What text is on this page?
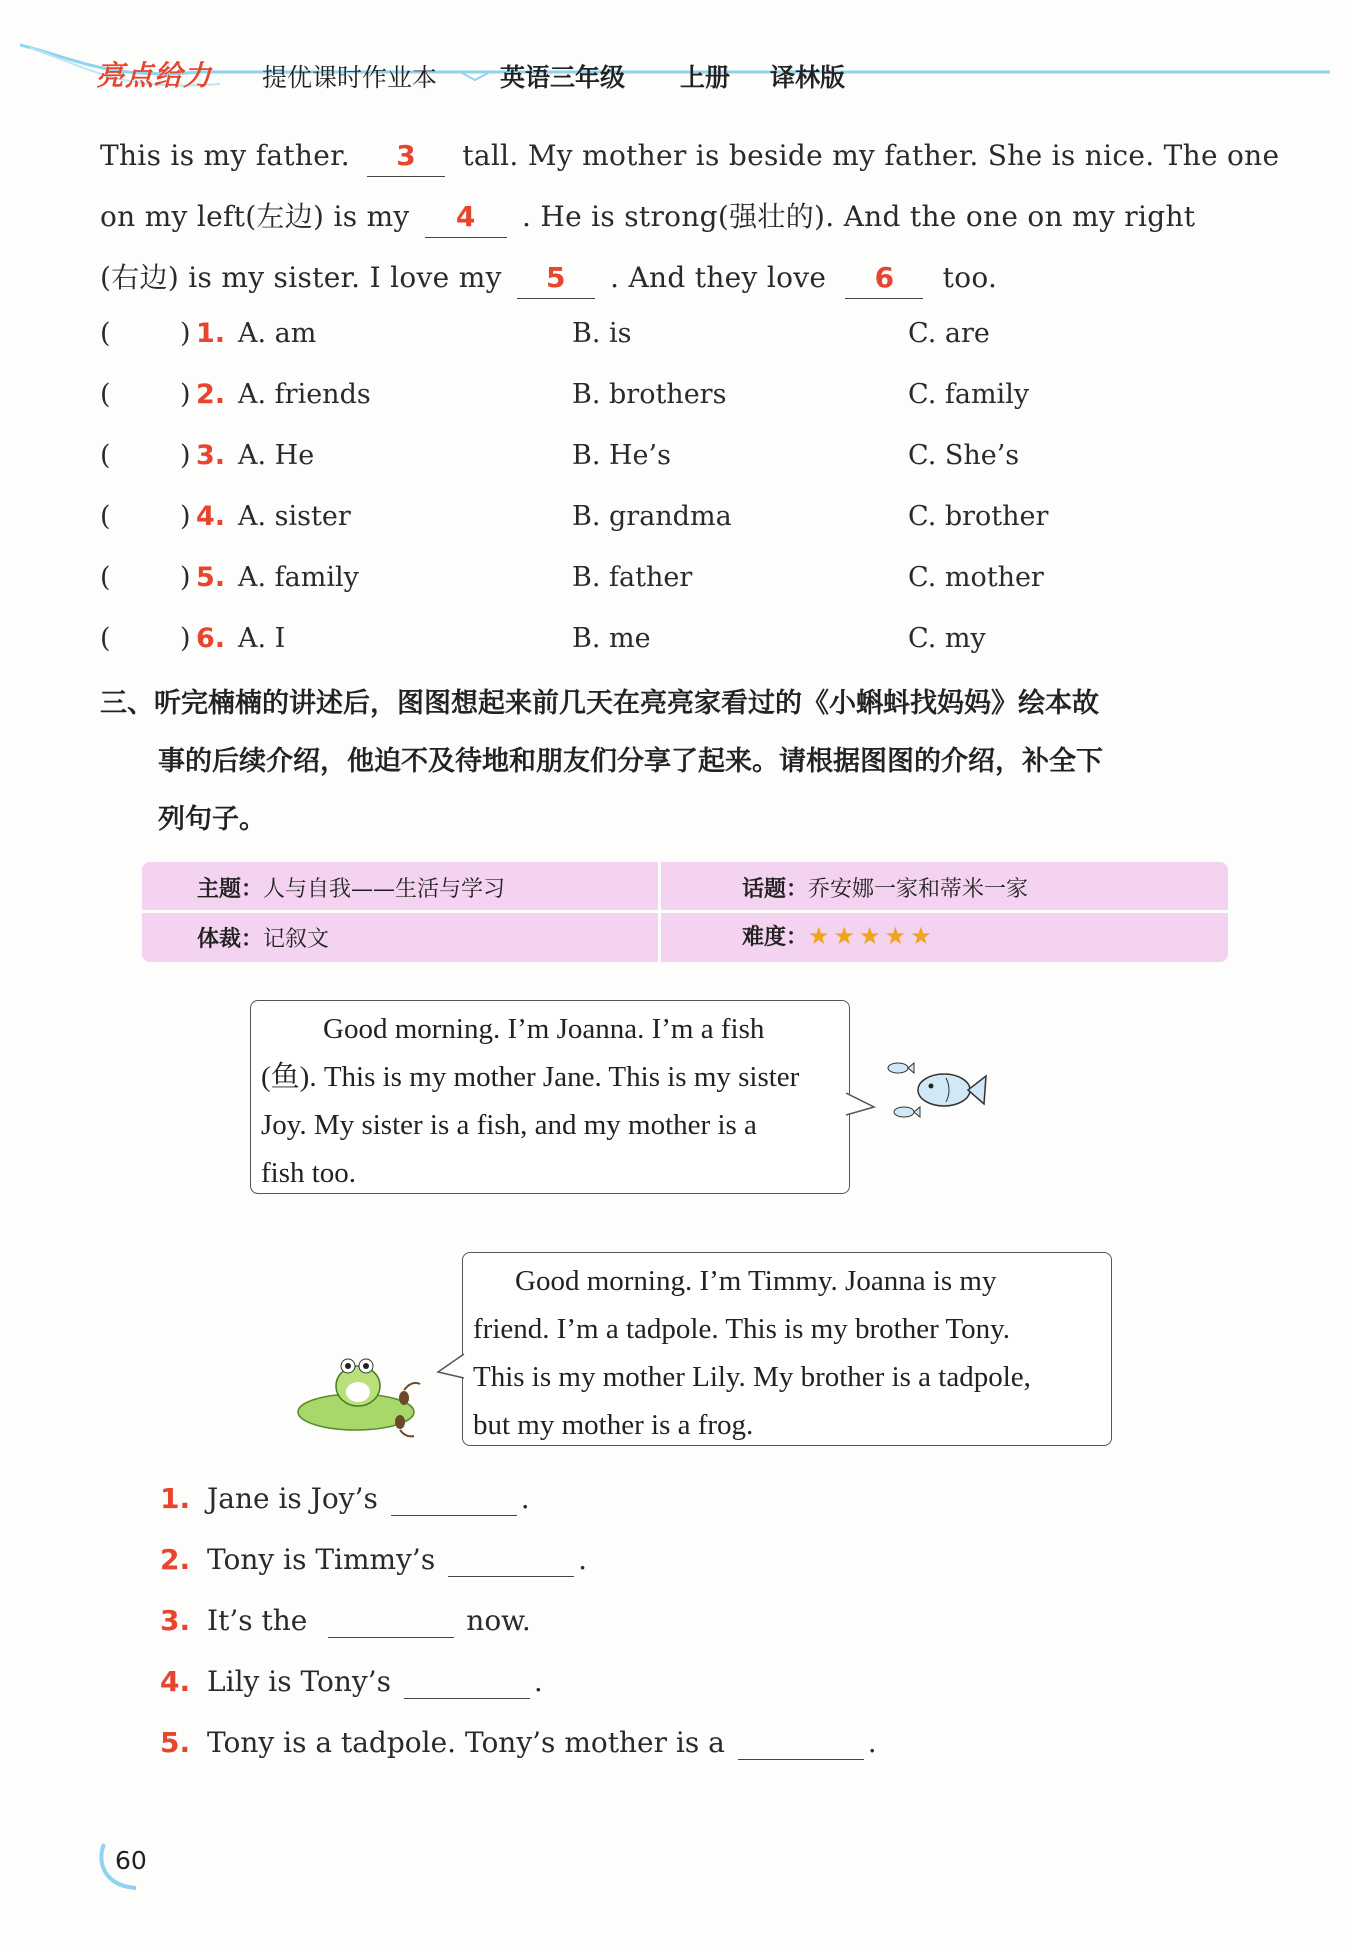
亮点给力 提优课时作业本	英语三年级 上册 译林版
This is my father. 3 tall. My mother is beside my father. She is nice. The one
on my left(左边) is my 4 . He is strong(强壮的). And the one on my right
(右边) is my sister. I love my 5 . And they love 6 too.
(	) 1. A. am	B. is	C. are
(	) 2. A. friends	B. brothers	C. family
(	) 3. A. He	B. He’s	C. She’s
(	) 4. A. sister	B. grandma	C. brother
(	) 5. A. family	B. father	C. mother
(	) 6. A. I	B. me	C. my
三、听完楠楠的讲述后，图图想起来前几天在亮亮家看过的《小蝌蚪找妈妈》绘本故
事的后续介绍，他迫不及待地和朋友们分享了起来。请根据图图的介绍，补全下
列句子。
主题：人与自我——生活与学习	话题：乔安娜一家和蒂米一家
体裁：记叙文	难度：★ ★ ★ ★ ★
Good morning. I’m Joanna. I’m a fish
(鱼). This is my mother Jane. This is my sister
Joy. My sister is a fish, and my mother is a
fish too.
Good morning. I’m Timmy. Joanna is my
friend. I’m a tadpole. This is my brother Tony.
This is my mother Lily. My brother is a tadpole,
but my mother is a frog.
1. Jane is Joy’s	.
2. Tony is Timmy’s	.
3. It’s the	now.
4. Lily is Tony’s	.
5. Tony is a tadpole. Tony’s mother is a	.
60
